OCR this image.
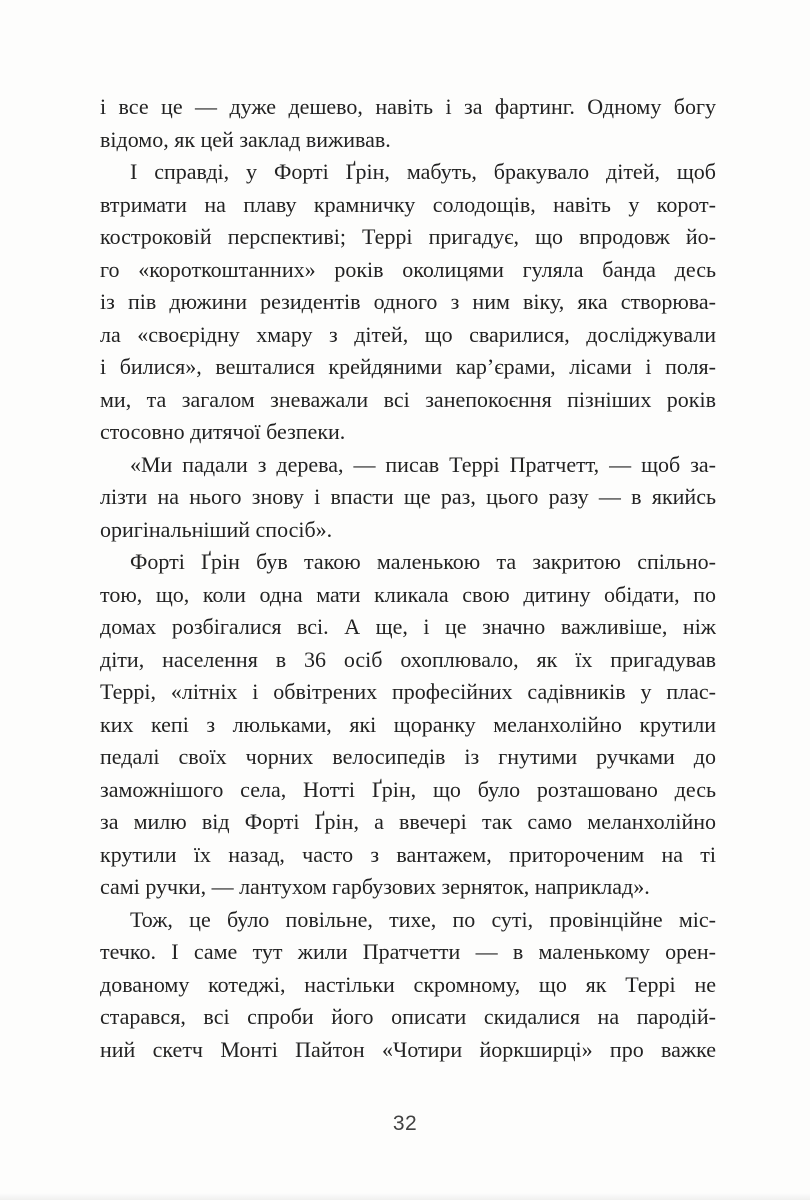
і все це — дуже дешево, навіть і за фартинг. Одному богу
відомо, як цей заклад виживав.

І справді, у Форті Ґрін, мабуть, бракувало дітей, щоб
втримати на плаву крамничку солодощів, навіть у корот-
костроковій перспективі; Террі пригадує, що впродовж йо-
го «короткоштанних» років околицями гуляла банда десь
із пів дюжини резидентів одного з ним віку, яка створюва-
ла «своєрідну хмару з дітей, що сварилися, досліджували
і билися», вешталися крейдяними кар’єрами, лісами і поля-
ми, та загалом зневажали всі занепокоєння пізніших років
стосовно дитячої безпеки.

«Ми падали з дерева, — писав Террі Пратчетт, — щоб за-
лізти на нього знову і впасти ще раз, цього разу — в якийсь
оригінальніший спосіб».

Форті Ґрін був такою маленькою та закритою спільно-
тою, що, коли одна мати кликала свою дитину обідати, по
домах розбігалися всі. А ще, і це значно важливіше, ніж
діти, населення в 36 осіб охоплювало, як їх пригадував
Террі, «літніх і обвітрених професійних садівників у плас-
ких кепі з люльками, які щоранку меланхолійно крутили
педалі своїх чорних велосипедів із гнутими ручками до
заможнішого села, Нотті Ґрін, що було розташовано десь
за милю від Форті Ґрін, а ввечері так само меланхолійно
крутили їх назад, часто з вантажем, приторoченим на ті
самі ручки, — лантухом гарбузових зерняток, наприклад».

Тож, це було повільне, тихе, по суті, провінційне міс-
течко. І саме тут жили Пратчетти — в маленькому орен-
дованому котеджі, настільки скромному, що як Террі не
старався, всі спроби його описати скидалися на пародій-
ний скетч Монті Пайтон «Чотири йоркширці» про важке

32
